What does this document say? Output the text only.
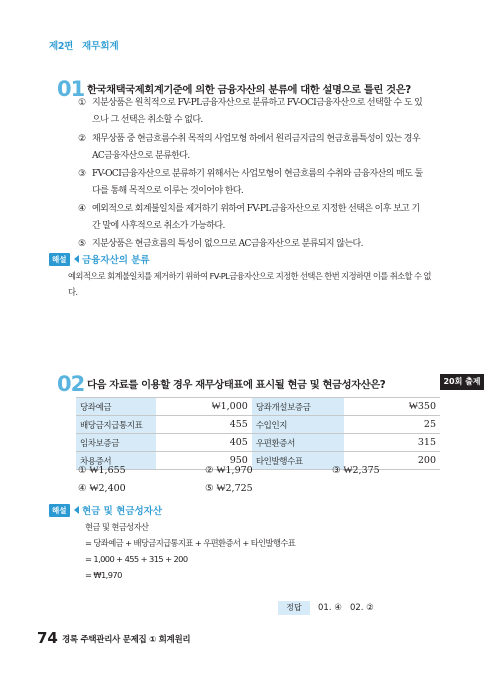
제2편 재무회계
01 한국채택국제회계기준에 의한 금융자산의 분류에 대한 설명으로 틀린 것은?
① 지분상품은 원칙적으로 FV-PL금융자산으로 분류하고 FV-OCI금융자산으로 선택할 수 도 있으나 그 선택은 취소할 수 없다.
② 채무상품 중 현금흐름수취 목적의 사업모형 하에서 원리금지급의 현금흐름특성이 있는 경우 AC금융자산으로 분류한다.
③ FV-OCI금융자산으로 분류하기 위해서는 사업모형이 현금흐름의 수취와 금융자산의 매도 둘 다를 통해 목적으로 이루는 것이어야 한다.
④ 예외적으로 회계불일치를 제거하기 위하여 FV-PL금융자산으로 지정한 선택은 이후 보고 기간 말에 사후적으로 취소가 가능하다.
⑤ 지분상품은 현금흐름의 특성이 없으므로 AC금융자산으로 분류되지 않는다.
해설	금융자산의 분류
예외적으로 회계불일치를 제거하기 위하여 FV-PL금융자산으로 지정한 선택은 한번 지정하면 이를 취소할 수 없다.
02 다음 자료를 이용할 경우 재무상태표에 표시될 현금 및 현금성자산은?	20회 출제
당좌예금	₩1,000	당좌개설보증금	₩350
배당금지급통지표	455	수입인지	25
임차보증금	405	우편환증서	315
차용증서	950	타인발행수표	200
① ₩1,655	② ₩1,970	③ ₩2,375
④ ₩2,400	⑤ ₩2,725
해설	현금 및 현금성자산
현금 및 현금성자산
= 당좌예금 + 배당금지급통지표 + 우편환증서 + 타인발행수표
= 1,000 + 455 + 315 + 200
= ₩1,970
정답	01. ④   02. ②
74 경록 주택관리사 문제집 ① 회계원리
